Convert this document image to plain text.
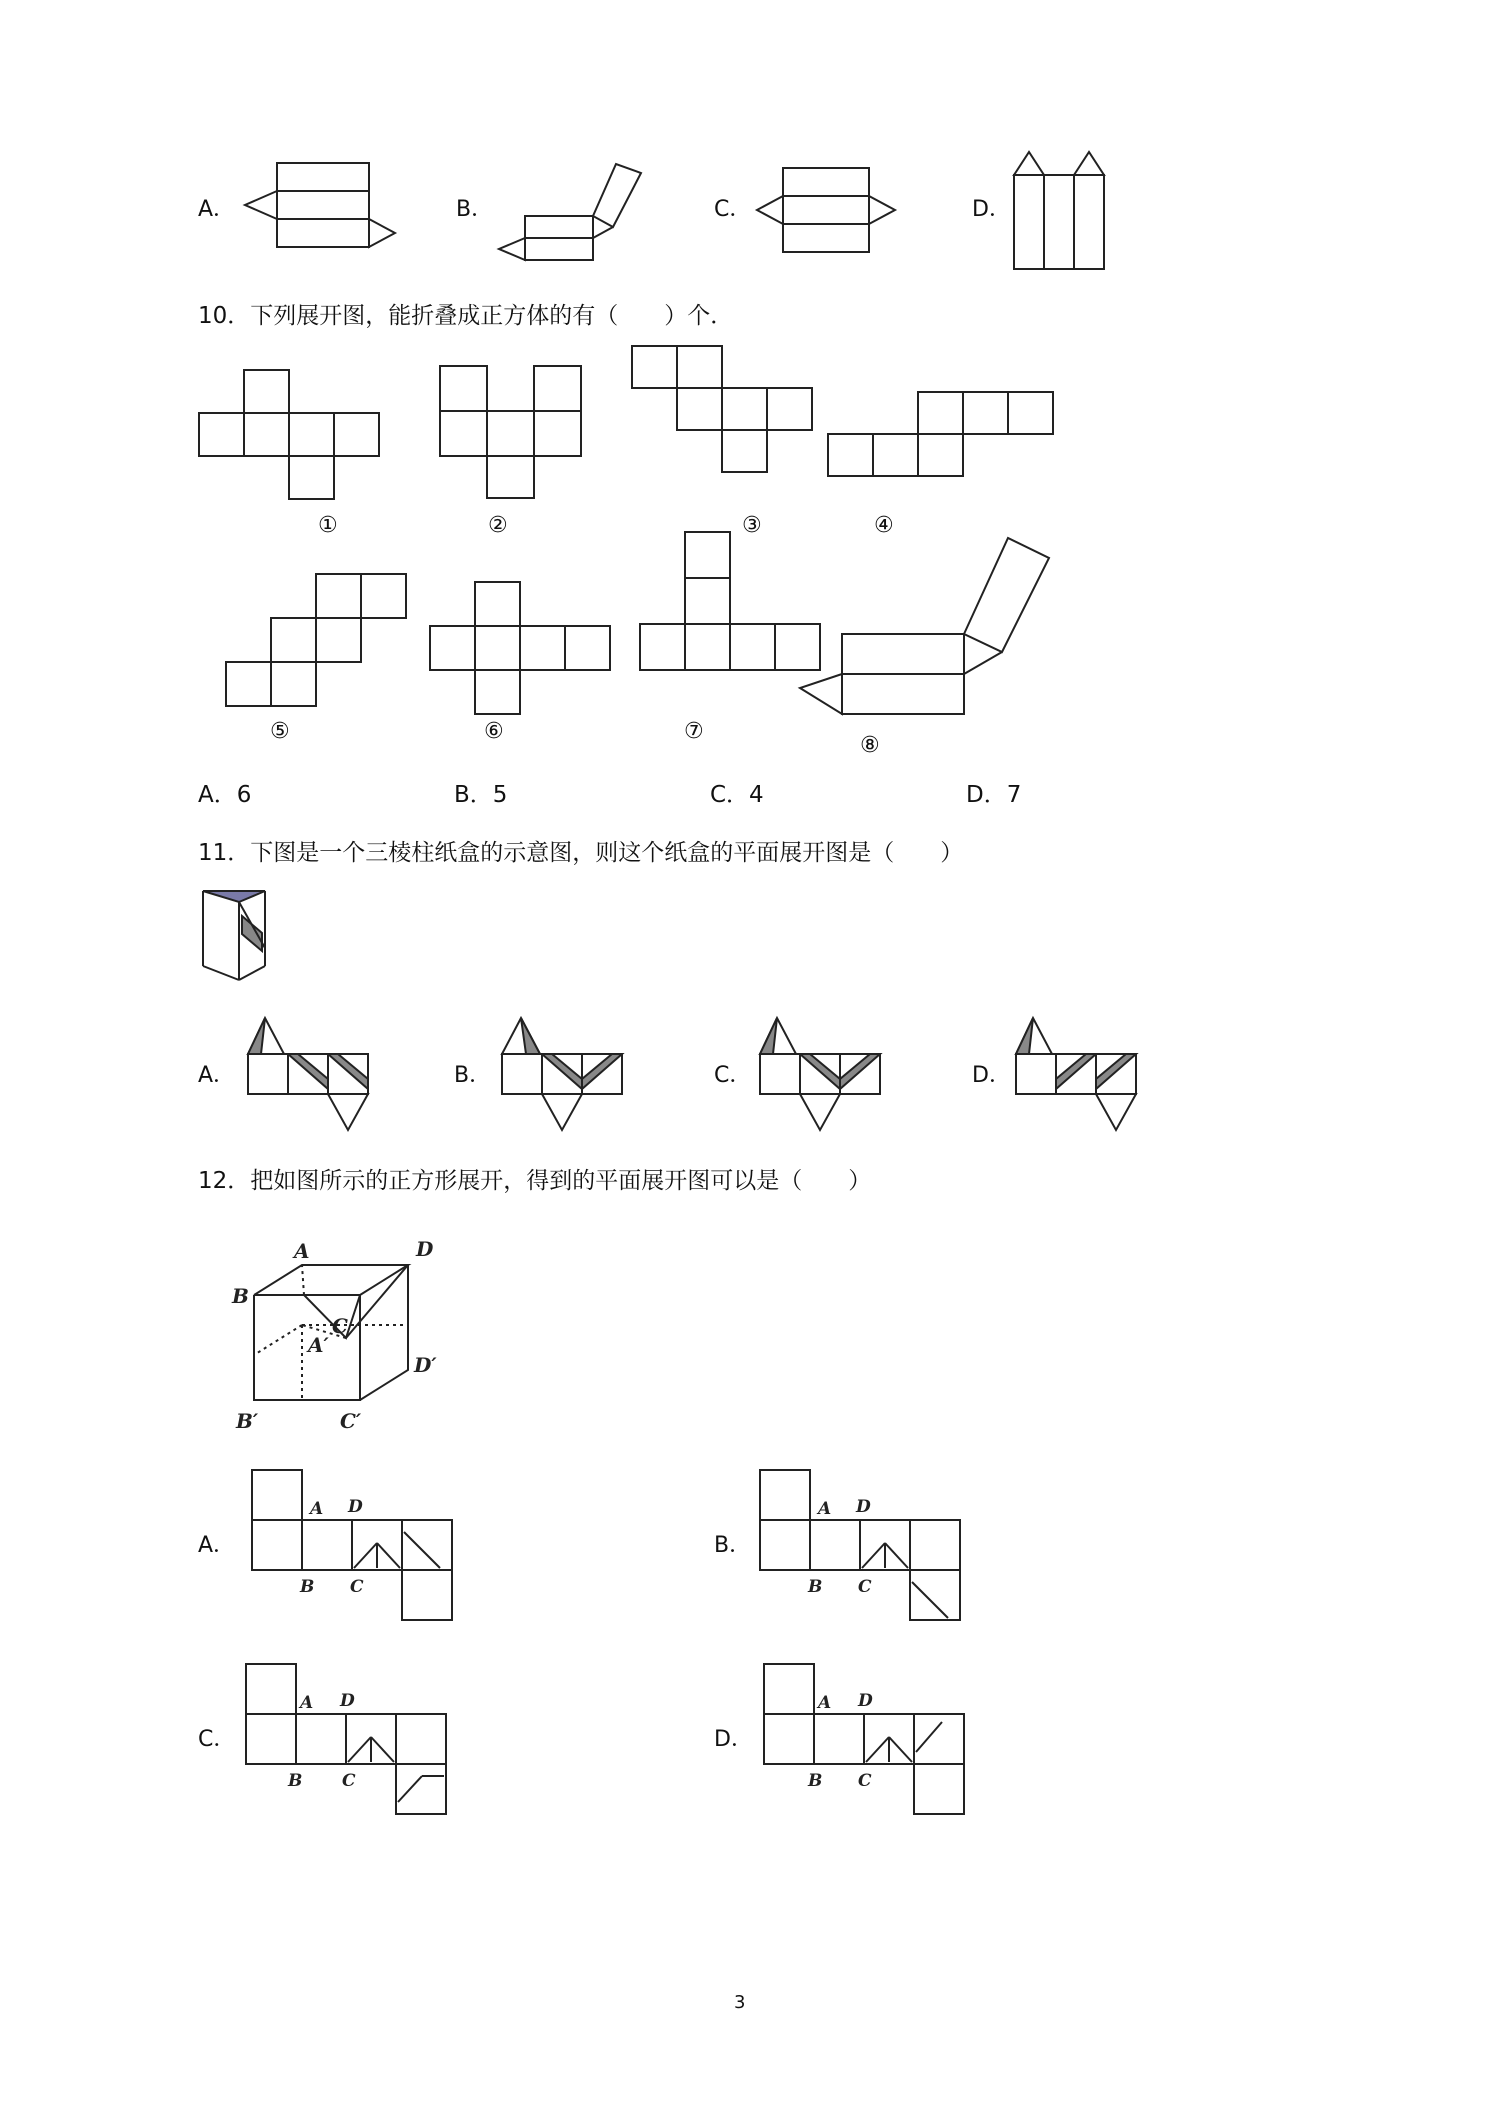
A．	B．	C．	D．
10．下列展开图，能折叠成正方体的有（　　）个．
①	②	③	④
⑤	⑥	⑦
⑧
A．6	B．5	C．4	D．7
11．下图是一个三棱柱纸盒的示意图，则这个纸盒的平面展开图是（　　）
A．	B．	C．	D．
12．把如图所示的正方形展开，得到的平面展开图可以是（　　）
A	D
B
C
A′
D′
B′	C′
A．
A D
B C
B．
A D
B C
C．
A D
B C
D．
A D
B C
3
